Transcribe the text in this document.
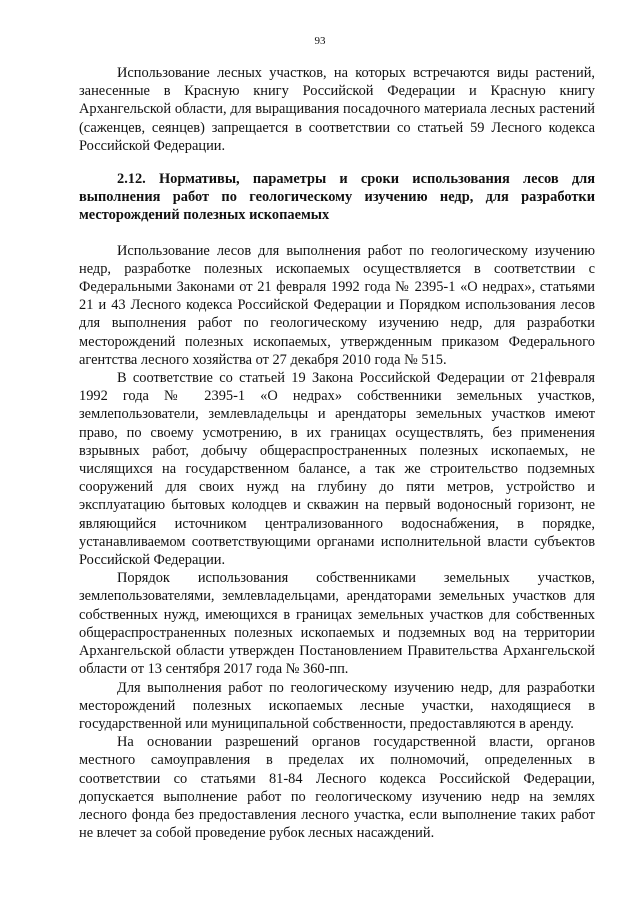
93

Использование лесных участков, на которых встречаются виды растений, занесенные в Красную книгу Российской Федерации и Красную книгу Архангельской области, для выращивания посадочного материала лесных растений (саженцев, сеянцев) запрещается в соответствии со статьей 59 Лесного кодекса Российской Федерации.

2.12. Нормативы, параметры и сроки использования лесов для выполнения работ по геологическому изучению недр, для разработки месторождений полезных ископаемых

Использование лесов для выполнения работ по геологическому изучению недр, разработке полезных ископаемых осуществляется в соответствии с Федеральными Законами от 21 февраля 1992 года № 2395-1 «О недрах», статьями 21 и 43 Лесного кодекса Российской Федерации и Порядком использования лесов для выполнения работ по геологическому изучению недр, для разработки месторождений полезных ископаемых, утвержденным приказом Федерального агентства лесного хозяйства от 27 декабря 2010 года № 515.

В соответствие со статьей 19 Закона Российской Федерации от 21февраля 1992 года № 2395-1 «О недрах» собственники земельных участков, землепользователи, землевладельцы и арендаторы земельных участков имеют право, по своему усмотрению, в их границах осуществлять, без применения взрывных работ, добычу общераспространенных полезных ископаемых, не числящихся на государственном балансе, а так же строительство подземных сооружений для своих нужд на глубину до пяти метров, устройство и эксплуатацию бытовых колодцев и скважин на первый водоносный горизонт, не являющийся источником централизованного водоснабжения, в порядке, устанавливаемом соответствующими органами исполнительной власти субъектов Российской Федерации.

Порядок использования собственниками земельных участков, землепользователями, землевладельцами, арендаторами земельных участков для собственных нужд, имеющихся в границах земельных участков для собственных общераспространенных полезных ископаемых и подземных вод на территории Архангельской области утвержден Постановлением Правительства Архангельской области от 13 сентября 2017 года № 360-пп.

Для выполнения работ по геологическому изучению недр, для разработки месторождений полезных ископаемых лесные участки, находящиеся в государственной или муниципальной собственности, предоставляются в аренду.

На основании разрешений органов государственной власти, органов местного самоуправления в пределах их полномочий, определенных в соответствии со статьями 81-84 Лесного кодекса Российской Федерации, допускается выполнение работ по геологическому изучению недр на землях лесного фонда без предоставления лесного участка, если выполнение таких работ не влечет за собой проведение рубок лесных насаждений.
